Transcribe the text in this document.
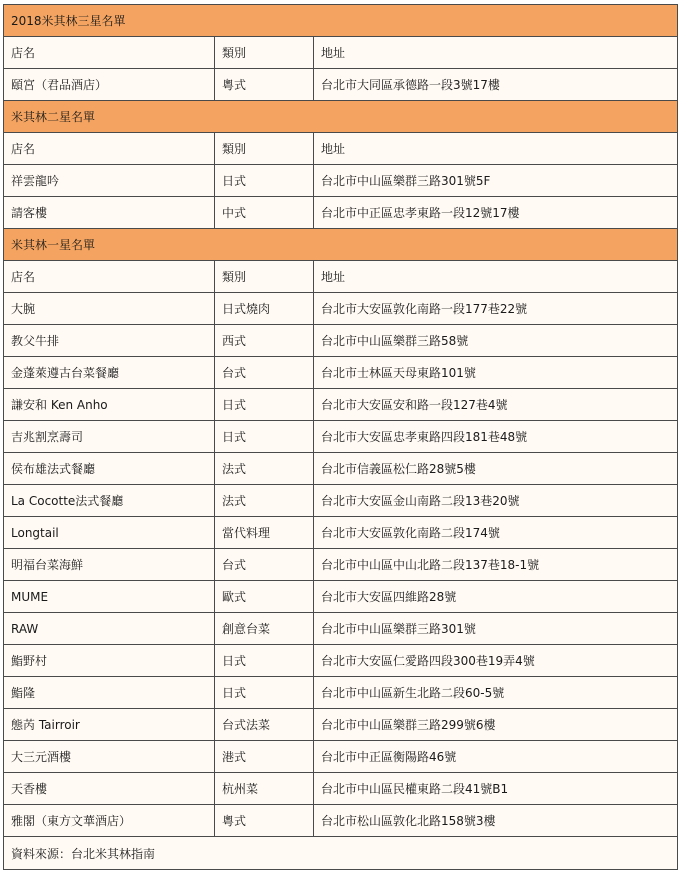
2018米其林三星名單		
店名	類別	地址
頤宮（君品酒店）	粵式	台北市大同區承德路一段3號17樓
米其林二星名單		
店名	類別	地址
祥雲龍吟	日式	台北市中山區樂群三路301號5F
請客樓	中式	台北市中正區忠孝東路一段12號17樓
米其林一星名單		
店名	類別	地址
大腕	日式燒肉	台北市大安區敦化南路一段177巷22號
教父牛排	西式	台北市中山區樂群三路58號
金蓬萊遵古台菜餐廳	台式	台北市士林區天母東路101號
謙安和 Ken Anho	日式	台北市大安區安和路一段127巷4號
吉兆割烹壽司	日式	台北市大安區忠孝東路四段181巷48號
侯布雄法式餐廳	法式	台北市信義區松仁路28號5樓
La Cocotte法式餐廳	法式	台北市大安區金山南路二段13巷20號
Longtail	當代料理	台北市大安區敦化南路二段174號
明福台菜海鮮	台式	台北市中山區中山北路二段137巷18-1號
MUME	歐式	台北市大安區四維路28號
RAW	創意台菜	台北市中山區樂群三路301號
鮨野村	日式	台北市大安區仁愛路四段300巷19弄4號
鮨隆	日式	台北市中山區新生北路二段60-5號
態芮 Tairroir	台式法菜	台北市中山區樂群三路299號6樓
大三元酒樓	港式	台北市中正區衡陽路46號
天香樓	杭州菜	台北市中山區民權東路二段41號B1
雅閣（東方文華酒店）	粵式	台北市松山區敦化北路158號3樓
資料來源：台北米其林指南		
